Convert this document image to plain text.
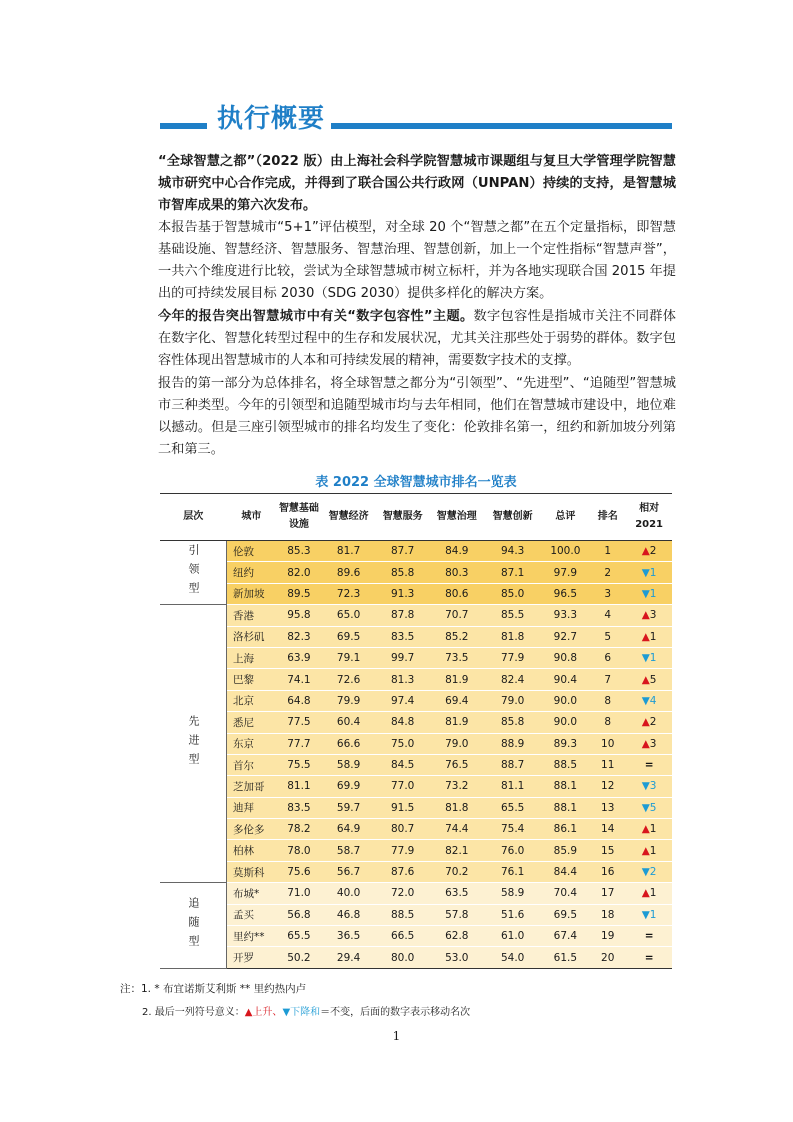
执行概要

“全球智慧之都”（2022 版）由上海社会科学院智慧城市课题组与复旦大学管理学院智慧城市研究中心合作完成，并得到了联合国公共行政网（UNPAN）持续的支持，是智慧城市智库成果的第六次发布。

本报告基于智慧城市“5+1”评估模型，对全球 20 个“智慧之都”在五个定量指标，即智慧基础设施、智慧经济、智慧服务、智慧治理、智慧创新，加上一个定性指标“智慧声誉”，一共六个维度进行比较，尝试为全球智慧城市树立标杆，并为各地实现联合国 2015 年提出的可持续发展目标 2030（SDG 2030）提供多样化的解决方案。

今年的报告突出智慧城市中有关“数字包容性”主题。数字包容性是指城市关注不同群体在数字化、智慧化转型过程中的生存和发展状况，尤其关注那些处于弱势的群体。数字包容性体现出智慧城市的人本和可持续发展的精神，需要数字技术的支撑。

报告的第一部分为总体排名，将全球智慧之都分为“引领型”、“先进型”、“追随型”智慧城市三种类型。今年的引领型和追随型城市均与去年相同，他们在智慧城市建设中，地位难以撼动。但是三座引领型城市的排名均发生了变化：伦敦排名第一，纽约和新加坡分列第二和第三。

表 2022 全球智慧城市排名一览表
层次	城市	智慧基础设施	智慧经济	智慧服务	智慧治理	智慧创新	总评	排名	相对2021
引领型	伦敦	85.3	81.7	87.7	84.9	94.3	100.0	1	▲2
	纽约	82.0	89.6	85.8	80.3	87.1	97.9	2	▼1
	新加坡	89.5	72.3	91.3	80.6	85.0	96.5	3	▼1
先进型	香港	95.8	65.0	87.8	70.7	85.5	93.3	4	▲3
	洛杉矶	82.3	69.5	83.5	85.2	81.8	92.7	5	▲1
	上海	63.9	79.1	99.7	73.5	77.9	90.8	6	▼1
	巴黎	74.1	72.6	81.3	81.9	82.4	90.4	7	▲5
	北京	64.8	79.9	97.4	69.4	79.0	90.0	8	▼4
	悉尼	77.5	60.4	84.8	81.9	85.8	90.0	8	▲2
	东京	77.7	66.6	75.0	79.0	88.9	89.3	10	▲3
	首尔	75.5	58.9	84.5	76.5	88.7	88.5	11	=
	芝加哥	81.1	69.9	77.0	73.2	81.1	88.1	12	▼3
	迪拜	83.5	59.7	91.5	81.8	65.5	88.1	13	▼5
	多伦多	78.2	64.9	80.7	74.4	75.4	86.1	14	▲1
	柏林	78.0	58.7	77.9	82.1	76.0	85.9	15	▲1
	莫斯科	75.6	56.7	87.6	70.2	76.1	84.4	16	▼2
追随型	布城*	71.0	40.0	72.0	63.5	58.9	70.4	17	▲1
	孟买	56.8	46.8	88.5	57.8	51.6	69.5	18	▼1
	里约**	65.5	36.5	66.5	62.8	61.0	67.4	19	=
	开罗	50.2	29.4	80.0	53.0	54.0	61.5	20	=
注：1. * 布宜诺斯艾利斯 ** 里约热内卢
2. 最后一列符号意义：▲上升、▼下降和＝不变，后面的数字表示移动名次
1
